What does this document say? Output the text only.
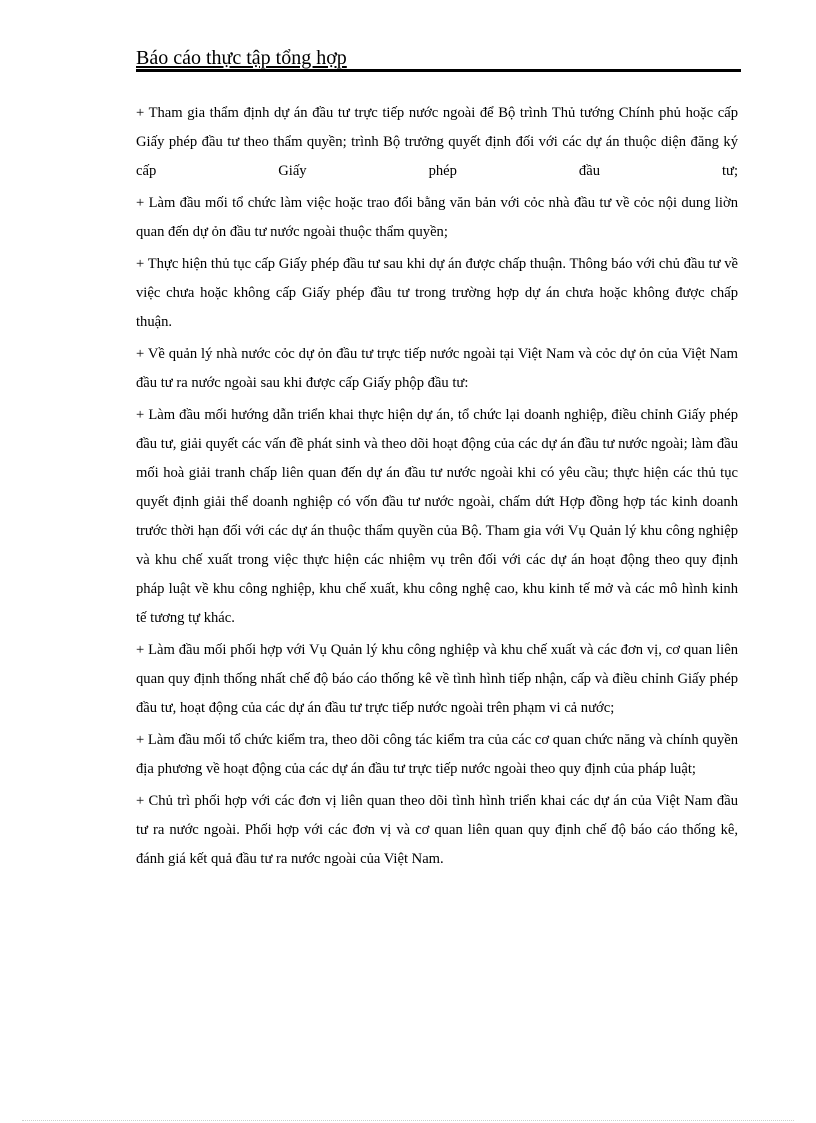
Báo cáo thực tập tổng hợp

+ Tham gia thẩm định dự án đầu tư trực tiếp nước ngoài để Bộ trình Thủ tướng Chính phủ hoặc cấp Giấy phép đầu tư theo thẩm quyền; trình Bộ trưởng quyết định đối với các dự án thuộc diện đăng ký cấp Giấy phép đầu tư;

+ Làm đầu mối tổ chức làm việc hoặc trao đổi bằng văn bản với cỏc nhà đầu tư về cỏc nội dung liờn quan đến dự ỏn đầu tư nước ngoài thuộc thẩm quyền;

+ Thực hiện thủ tục cấp Giấy phép đầu tư sau khi dự án được chấp thuận. Thông báo với chủ đầu tư về việc chưa hoặc không cấp Giấy phép đầu tư trong trường hợp dự án chưa hoặc không được chấp thuận.

+ Về quản lý nhà nước cỏc dự ỏn đầu tư trực tiếp nước ngoài tại Việt Nam và cỏc dự ỏn của Việt Nam đầu tư ra nước ngoài sau khi được cấp Giấy phộp đầu tư:

+ Làm đầu mối hướng dẫn triển khai thực hiện dự án, tổ chức lại doanh nghiệp, điều chỉnh Giấy phép đầu tư, giải quyết các vấn đề phát sinh và theo dõi hoạt động của các dự án đầu tư nước ngoài; làm đầu mối hoà giải tranh chấp liên quan đến dự án đầu tư nước ngoài khi có yêu cầu; thực hiện các thủ tục quyết định giải thể doanh nghiệp có vốn đầu tư nước ngoài, chấm dứt Hợp đồng hợp tác kinh doanh trước thời hạn đối với các dự án thuộc thẩm quyền của Bộ. Tham gia với Vụ Quản lý khu công nghiệp và khu chế xuất trong việc thực hiện các nhiệm vụ trên đối với các dự án hoạt động theo quy định pháp luật về khu công nghiệp, khu chế xuất, khu công nghệ cao, khu kinh tế mở và các mô hình kinh tế tương tự khác.

+ Làm đầu mối phối hợp với Vụ Quản lý khu công nghiệp và khu chế xuất và các đơn vị, cơ quan liên quan quy định thống nhất chế độ báo cáo thống kê về tình hình tiếp nhận, cấp và điều chỉnh Giấy phép đầu tư, hoạt động của các dự án đầu tư trực tiếp nước ngoài trên phạm vi cả nước;

+ Làm đầu mối tổ chức kiểm tra, theo dõi công tác kiểm tra của các cơ quan chức năng và chính quyền địa phương về hoạt động của các dự án đầu tư trực tiếp nước ngoài theo quy định của pháp luật;

+ Chủ trì phối hợp với các đơn vị liên quan theo dõi tình hình triển khai các dự án của Việt Nam đầu tư ra nước ngoài. Phối hợp với các đơn vị và cơ quan liên quan quy định chế độ báo cáo thống kê, đánh giá kết quả đầu tư ra nước ngoài của Việt Nam.
